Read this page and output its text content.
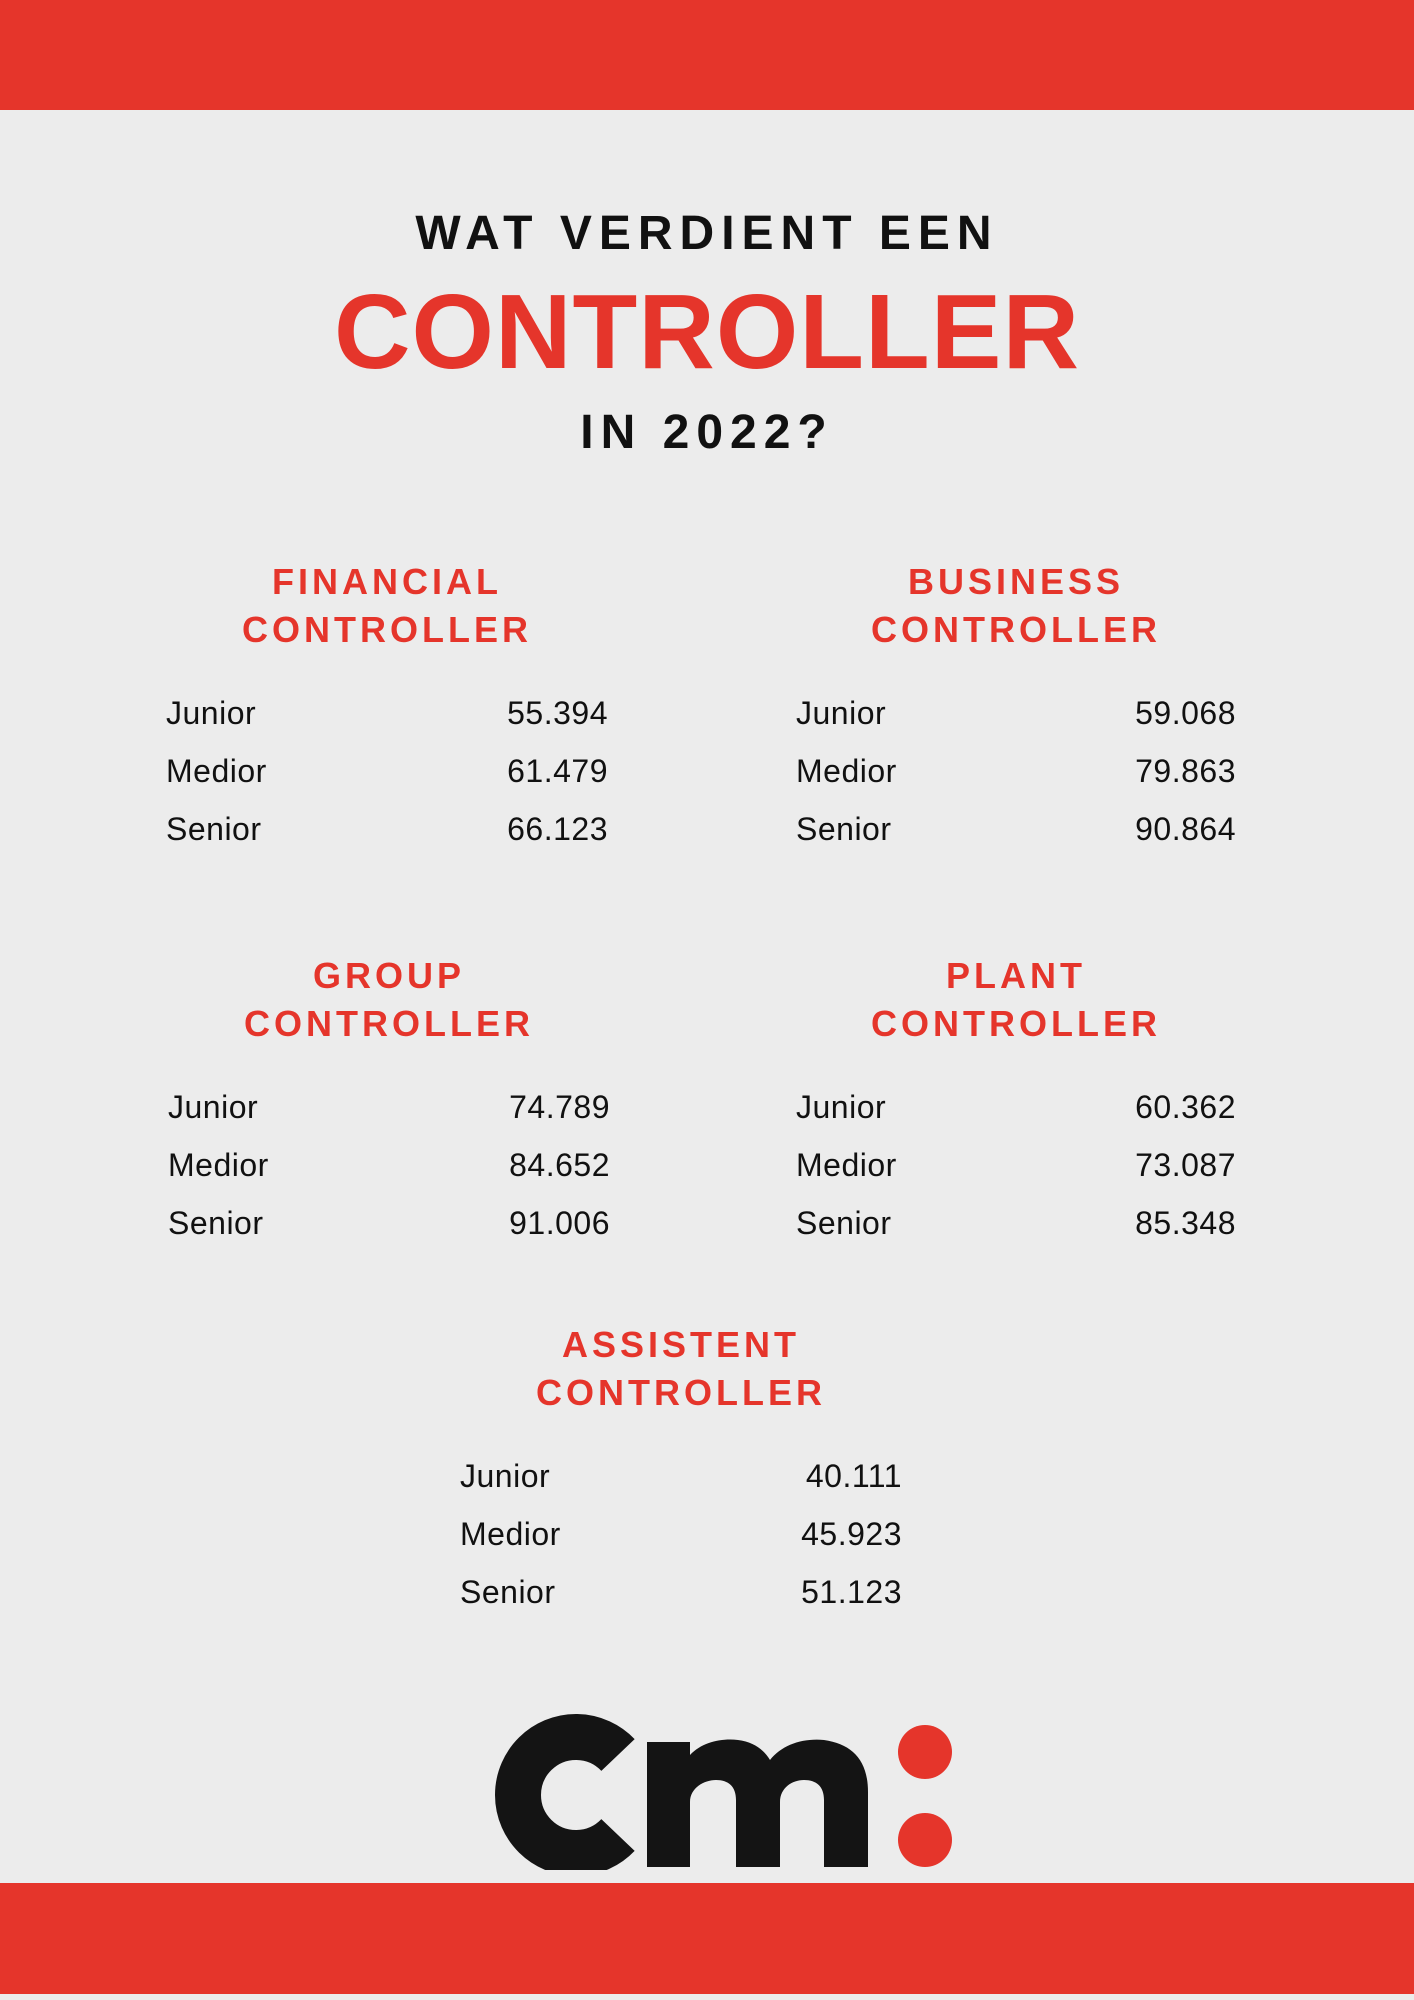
WAT VERDIENT EEN
CONTROLLER
IN 2022?
FINANCIAL
CONTROLLER
Junior	55.394
Medior	61.479
Senior	66.123
BUSINESS
CONTROLLER
Junior	59.068
Medior	79.863
Senior	90.864
GROUP
CONTROLLER
Junior	74.789
Medior	84.652
Senior	91.006
PLANT
CONTROLLER
Junior	60.362
Medior	73.087
Senior	85.348
ASSISTENT
CONTROLLER
Junior	40.111
Medior	45.923
Senior	51.123
